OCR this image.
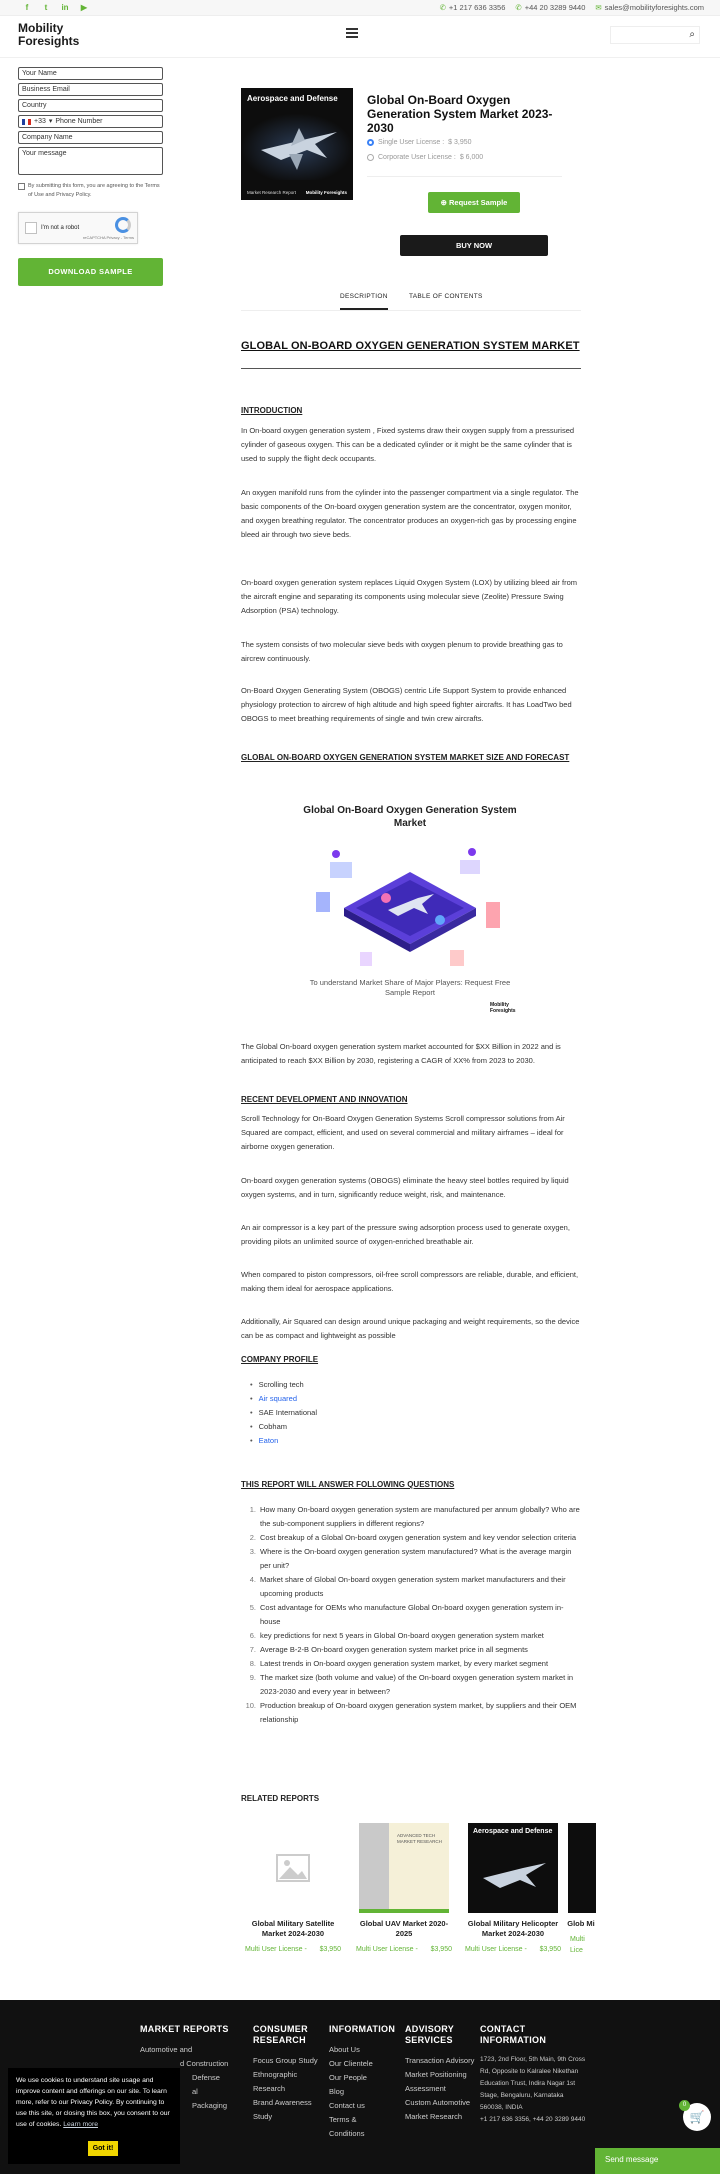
f	t	in ▶	✆ +1 217 636 3356 ✆ +44 20 3289 9440 ✉ sales@mobilityforesights.com
Mobility
Foresights	⌕
Your Name
Business Email
Country
+33 ▾ Phone Number
Company Name
Your message
By submitting this form, you are agreeing to the Terms of Use and Privacy Policy.
I'm not a robot
reCAPTCHA Privacy - Terms
DOWNLOAD SAMPLE
Aerospace and Defense
Market Research Report Mobility Foresights
Global On-Board Oxygen Generation System Market 2023-2030
Single User License : $ 3,950
Corporate User License : $ 6,000
⊕ Request Sample
BUY NOW
DESCRIPTION	TABLE OF CONTENTS
GLOBAL ON-BOARD OXYGEN GENERATION SYSTEM MARKET
INTRODUCTION
In On-board oxygen generation system , Fixed systems draw their oxygen supply from a pressurised cylinder of gaseous oxygen. This can be a dedicated cylinder or it might be the same cylinder that is used to supply the flight deck occupants.
An oxygen manifold runs from the cylinder into the passenger compartment via a single regulator. The basic components of the On-board oxygen generation system are the concentrator, oxygen monitor, and oxygen breathing regulator. The concentrator produces an oxygen-rich gas by processing engine bleed air through two sieve beds.
On-board oxygen generation system replaces Liquid Oxygen System (LOX) by utilizing bleed air from the aircraft engine and separating its components using molecular sieve (Zeolite) Pressure Swing Adsorption (PSA) technology.
The system consists of two molecular sieve beds with oxygen plenum to provide breathing gas to aircrew continuously.
On-Board Oxygen Generating System (OBOGS) centric Life Support System to provide enhanced physiology protection to aircrew of high altitude and high speed fighter aircrafts. It has LoadTwo bed OBOGS to meet breathing requirements of single and twin crew aircrafts.
GLOBAL ON-BOARD OXYGEN GENERATION SYSTEM MARKET SIZE AND FORECAST
Global On-Board Oxygen Generation System Market
To understand Market Share of Major Players: Request Free Sample Report
Mobility Foresights
The Global On-board oxygen generation system market accounted for $XX Billion in 2022 and is anticipated to reach $XX Billion by 2030, registering a CAGR of XX% from 2023 to 2030.
RECENT DEVELOPMENT AND INNOVATION
Scroll Technology for On-Board Oxygen Generation Systems Scroll compressor solutions from Air Squared are compact, efficient, and used on several commercial and military airframes – ideal for airborne oxygen generation.
On-board oxygen generation systems (OBOGS) eliminate the heavy steel bottles required by liquid oxygen systems, and in turn, significantly reduce weight, risk, and maintenance.
An air compressor is a key part of the pressure swing adsorption process used to generate oxygen, providing pilots an unlimited source of oxygen-enriched breathable air.
When compared to piston compressors, oil-free scroll compressors are reliable, durable, and efficient, making them ideal for aerospace applications.
Additionally, Air Squared can design around unique packaging and weight requirements, so the device can be as compact and lightweight as possible
COMPANY PROFILE
• Scrolling tech
• Air squared
• SAE International
• Cobham
• Eaton
THIS REPORT WILL ANSWER FOLLOWING QUESTIONS
1. How many On-board oxygen generation system are manufactured per annum globally? Who are the sub-component suppliers in different regions?
2. Cost breakup of a Global On-board oxygen generation system and key vendor selection criteria
3. Where is the On-board oxygen generation system manufactured? What is the average margin per unit?
4. Market share of Global On-board oxygen generation system market manufacturers and their upcoming products
5. Cost advantage for OEMs who manufacture Global On-board oxygen generation system in-house
6. key predictions for next 5 years in Global On-board oxygen generation system market
7. Average B-2-B On-board oxygen generation system market price in all segments
8. Latest trends in On-board oxygen generation system market, by every market segment
9. The market size (both volume and value) of the On-board oxygen generation system market in 2023-2030 and every year in between?
10. Production breakup of On-board oxygen generation system market, by suppliers and their OEM relationship
RELATED REPORTS
Global Military Satellite Market 2024-2030
Multi User License - $3,950
ADVANCED TECH MARKET RESEARCH
Global UAV Market 2020-2025
Multi User License - $3,950
Aerospace and Defense
Global Military Helicopter Market 2024-2030
Multi User License - $3,950
Glob Mi
Multi Lice
MARKET REPORTS
Automotive and
d Construction
Defense
al
Packaging
CONSUMER RESEARCH
Focus Group Study
Ethnographic Research
Brand Awareness Study
INFORMATION
About Us
Our Clientele
Our People
Blog
Contact us
Terms & Conditions
ADVISORY SERVICES
Transaction Advisory
Market Positioning Assessment
Custom Automotive Market Research
CONTACT INFORMATION
1723, 2nd Floor, 5th Main, 9th Cross Rd, Opposite to Kalralee Nikethan Education Trust, Indira Nagar 1st Stage, Bengaluru, Karnataka 560038, INDIA
+1 217 636 3356, +44 20 3289 9440
We use cookies to understand site usage and improve content and offerings on our site. To learn more, refer to our Privacy Policy. By continuing to use this site, or closing this box, you consent to our use of cookies. Learn more
Got it!
🛒
0
Send message
